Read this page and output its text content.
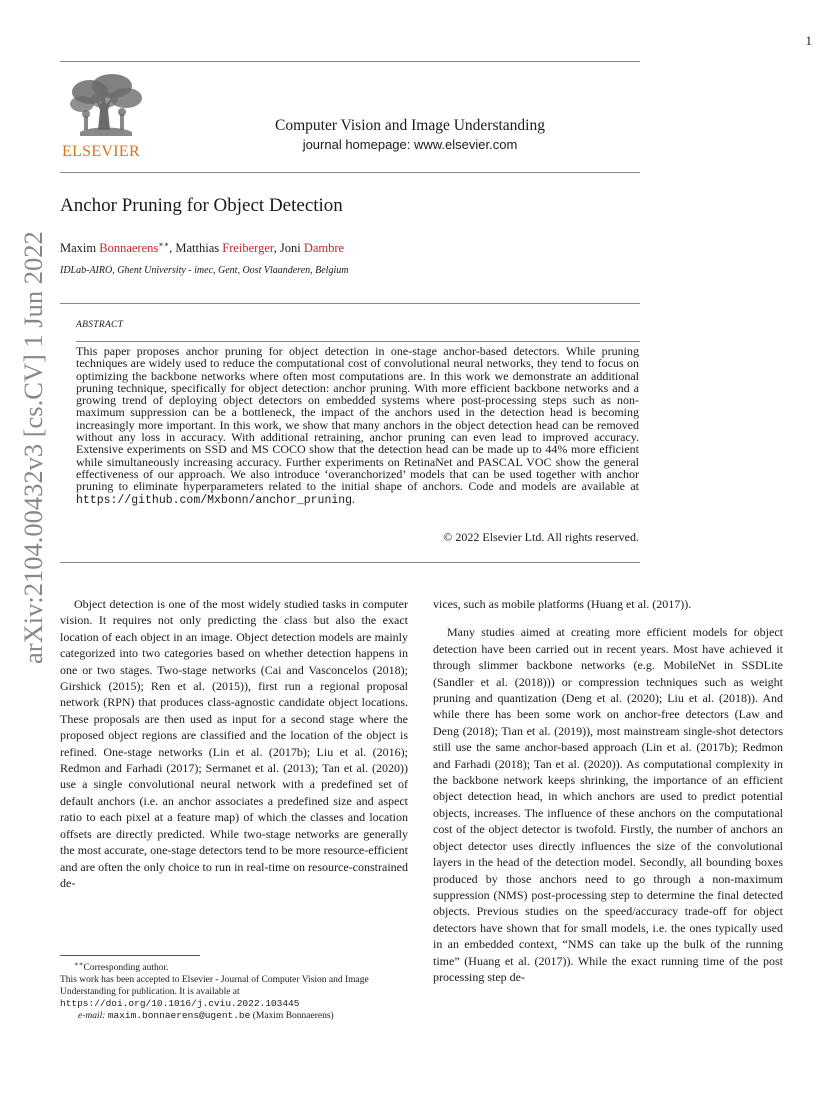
1
ELSEVIER
Computer Vision and Image Understanding
journal homepage: www.elsevier.com
Anchor Pruning for Object Detection
Maxim Bonnaerens∗∗, Matthias Freiberger, Joni Dambre
IDLab-AIRO, Ghent University - imec, Gent, Oost Vlaanderen, Belgium
ABSTRACT
This paper proposes anchor pruning for object detection in one-stage anchor-based detectors. While pruning techniques are widely used to reduce the computational cost of convolutional neural networks, they tend to focus on optimizing the backbone networks where often most computations are. In this work we demonstrate an additional pruning technique, specifically for object detection: anchor pruning. With more efficient backbone networks and a growing trend of deploying object detectors on embedded systems where post-processing steps such as non-maximum suppression can be a bottleneck, the impact of the anchors used in the detection head is becoming increasingly more important. In this work, we show that many anchors in the object detection head can be removed without any loss in accuracy. With additional retraining, anchor pruning can even lead to improved accuracy. Extensive experiments on SSD and MS COCO show that the detection head can be made up to 44% more efficient while simultaneously increasing accuracy. Further experiments on RetinaNet and PASCAL VOC show the general effectiveness of our approach. We also introduce ‘overanchorized’ models that can be used together with anchor pruning to eliminate hyperparameters related to the initial shape of anchors. Code and models are available at https://github.com/Mxbonn/anchor_pruning.
© 2022 Elsevier Ltd. All rights reserved.
arXiv:2104.00432v3 [cs.CV] 1 Jun 2022	Object detection is one of the most widely studied tasks in computer vision. It requires not only predicting the class but also the exact location of each object in an image. Object detection models are mainly categorized into two categories based on whether detection happens in one or two stages. Two-stage networks (Cai and Vasconcelos (2018); Girshick (2015); Ren et al. (2015)), first run a regional proposal network (RPN) that produces class-agnostic candidate object locations. These proposals are then used as input for a second stage where the proposed object regions are classified and the location of the object is refined. One-stage networks (Lin et al. (2017b); Liu et al. (2016); Redmon and Farhadi (2017); Sermanet et al. (2013); Tan et al. (2020)) use a single convolutional neural network with a predefined set of default anchors (i.e. an anchor associates a predefined size and aspect ratio to each pixel at a feature map) of which the classes and location offsets are directly predicted. While two-stage networks are generally the most accurate, one-stage detectors tend to be more resource-efficient and are often the only choice to run in real-time on resource-constrained de-

vices, such as mobile platforms (Huang et al. (2017)).

Many studies aimed at creating more efficient models for object detection have been carried out in recent years. Most have achieved it through slimmer backbone networks (e.g. MobileNet in SSDLite (Sandler et al. (2018))) or compression techniques such as weight pruning and quantization (Deng et al. (2020); Liu et al. (2018)). And while there has been some work on anchor-free detectors (Law and Deng (2018); Tian et al. (2019)), most mainstream single-shot detectors still use the same anchor-based approach (Lin et al. (2017b); Redmon and Farhadi (2018); Tan et al. (2020)). As computational complexity in the backbone network keeps shrinking, the importance of an efficient object detection head, in which anchors are used to predict potential objects, increases. The influence of these anchors on the computational cost of the object detector is twofold. Firstly, the number of anchors an object detector uses directly influences the size of the convolutional layers in the head of the detection model. Secondly, all bounding boxes produced by those anchors need to go through a non-maximum suppression (NMS) post-processing step to determine the final detected objects. Previous studies on the speed/accuracy trade-off for object detectors have shown that for small models, i.e. the ones typically used in an embedded context, “NMS can take up the bulk of the running time” (Huang et al. (2017)). While the exact running time of the post processing step de-

∗∗Corresponding author.

This work has been accepted to Elsevier - Journal of Computer Vision and Image Understanding for publication. It is available at https://doi.org/10.1016/j.cviu.2022.103445

e-mail: maxim.bonnaerens@ugent.be (Maxim Bonnaerens)
